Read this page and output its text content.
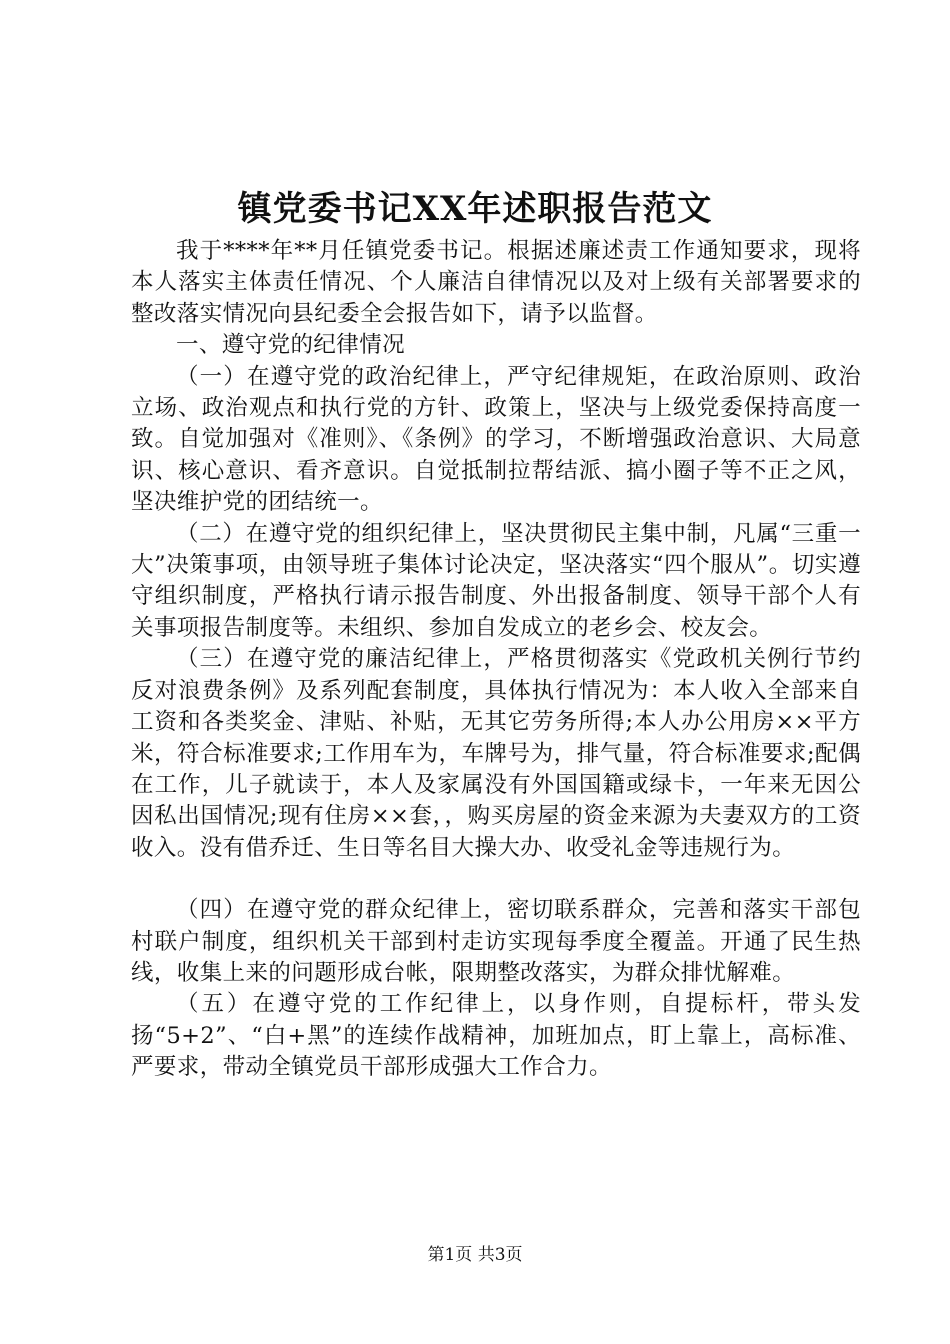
镇党委书记XX年述职报告范文

我于****年**月任镇党委书记。根据述廉述责工作通知要求，现将本人落实主体责任情况、个人廉洁自律情况以及对上级有关部署要求的整改落实情况向县纪委全会报告如下，请予以监督。

一、遵守党的纪律情况

（一）在遵守党的政治纪律上，严守纪律规矩，在政治原则、政治立场、政治观点和执行党的方针、政策上，坚决与上级党委保持高度一致。自觉加强对《准则》、《条例》的学习，不断增强政治意识、大局意识、核心意识、看齐意识。自觉抵制拉帮结派、搞小圈子等不正之风，坚决维护党的团结统一。

（二）在遵守党的组织纪律上，坚决贯彻民主集中制，凡属“三重一大”决策事项，由领导班子集体讨论决定，坚决落实“四个服从”。切实遵守组织制度，严格执行请示报告制度、外出报备制度、领导干部个人有关事项报告制度等。未组织、参加自发成立的老乡会、校友会。

（三）在遵守党的廉洁纪律上，严格贯彻落实《党政机关例行节约反对浪费条例》及系列配套制度，具体执行情况为：本人收入全部来自工资和各类奖金、津贴、补贴，无其它劳务所得;本人办公用房××平方米，符合标准要求;工作用车为，车牌号为，排气量，符合标准要求;配偶在工作，儿子就读于，本人及家属没有外国国籍或绿卡，一年来无因公因私出国情况;现有住房××套，，购买房屋的资金来源为夫妻双方的工资收入。没有借乔迁、生日等名目大操大办、收受礼金等违规行为。

（四）在遵守党的群众纪律上，密切联系群众，完善和落实干部包村联户制度，组织机关干部到村走访实现每季度全覆盖。开通了民生热线，收集上来的问题形成台帐，限期整改落实，为群众排忧解难。

（五）在遵守党的工作纪律上，以身作则，自提标杆，带头发扬“5+2”、“白+黑”的连续作战精神，加班加点，盯上靠上，高标准、严要求，带动全镇党员干部形成强大工作合力。

第1页 共3页
